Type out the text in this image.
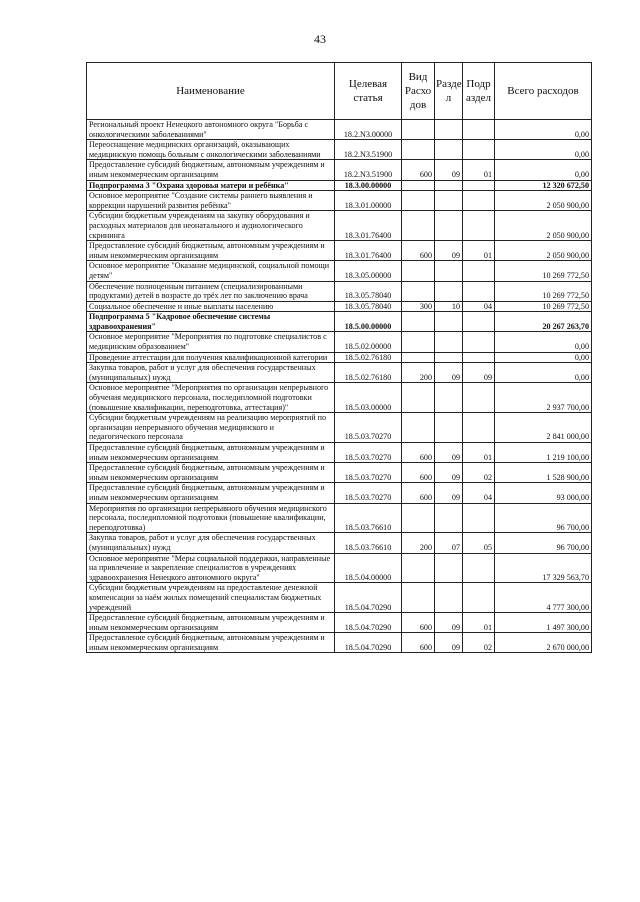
43
Наименование	Целевая статья	Вид Расхо дов	Разде л	Подр аздел	Всего расходов
Региональный проект Ненецкого автономного округа "Борьба с онкологическими заболеваниями"	18.2.N3.00000				0,00
Переоснащение медицинских организаций, оказывающих медицинскую помощь больным с онкологическими заболеваниями	18.2.N3.51900				0,00
Предоставление субсидий бюджетным, автономным учреждениям и иным некоммерческим организациям	18.2.N3.51900	600	09	01	0,00
Подпрограмма 3 "Охрана здоровья матери и ребёнка"	18.3.00.00000				12 320 672,50
Основное мероприятие "Создание системы раннего выявления и коррекции нарушений развития ребёнка"	18.3.01.00000				2 050 900,00
Субсидии бюджетным учреждениям на закупку оборудования и расходных материалов для неонатального и аудиологического скрининга	18.3.01.76400				2 050 900,00
Предоставление субсидий бюджетным, автономным учреждениям и иным некоммерческим организациям	18.3.01.76400	600	09	01	2 050 900,00
Основное мероприятие "Оказание медицинской, социальной помощи детям"	18.3.05.00000				10 269 772,50
Обеспечение полноценным питанием (специализированными продуктами) детей в возрасте до трёх лет по заключению врача	18.3.05.78040				10 269 772,50
Социальное обеспечение и иные выплаты населению	18.3.05.78040	300	10	04	10 269 772,50
Подпрограмма 5 "Кадровое обеспечение системы здравоохранения"	18.5.00.00000				20 267 263,70
Основное мероприятие "Мероприятия по подготовке специалистов с медицинским образованием"	18.5.02.00000				0,00
Проведение аттестации для получения квалификационной категории	18.5.02.76180				0,00
Закупка товаров, работ и услуг для обеспечения государственных (муниципальных) нужд	18.5.02.76180	200	09	09	0,00
Основное мероприятие "Мероприятия по организации непрерывного обучения медицинского персонала, последипломной подготовки (повышение квалификации, переподготовка, аттестация)"	18.5.03.00000				2 937 700,00
Субсидии бюджетным учреждениям на реализацию мероприятий по организации непрерывного обучения медицинского и педагогического персонала	18.5.03.70270				2 841 000,00
Предоставление субсидий бюджетным, автономным учреждениям и иным некоммерческим организациям	18.5.03.70270	600	09	01	1 219 100,00
Предоставление субсидий бюджетным, автономным учреждениям и иным некоммерческим организациям	18.5.03.70270	600	09	02	1 528 900,00
Предоставление субсидий бюджетным, автономным учреждениям и иным некоммерческим организациям	18.5.03.70270	600	09	04	93 000,00
Мероприятия по организации непрерывного обучения медицинского персонала, последипломной подготовки (повышение квалификации, переподготовка)	18.5.03.76610				96 700,00
Закупка товаров, работ и услуг для обеспечения государственных (муниципальных) нужд	18.5.03.76610	200	07	05	96 700,00
Основное мероприятие "Меры социальной поддержки, направленные на привлечение и закрепление специалистов в учреждениях здравоохранения Ненецкого автономного округа"	18.5.04.00000				17 329 563,70
Субсидии бюджетным учреждениям на предоставление денежной компенсации за наём жилых помещений специалистам бюджетных учреждений	18.5.04.70290				4 777 300,00
Предоставление субсидий бюджетным, автономным учреждениям и иным некоммерческим организациям	18.5.04.70290	600	09	01	1 497 300,00
Предоставление субсидий бюджетным, автономным учреждениям и иным некоммерческим организациям	18.5.04.70290	600	09	02	2 670 000,00
